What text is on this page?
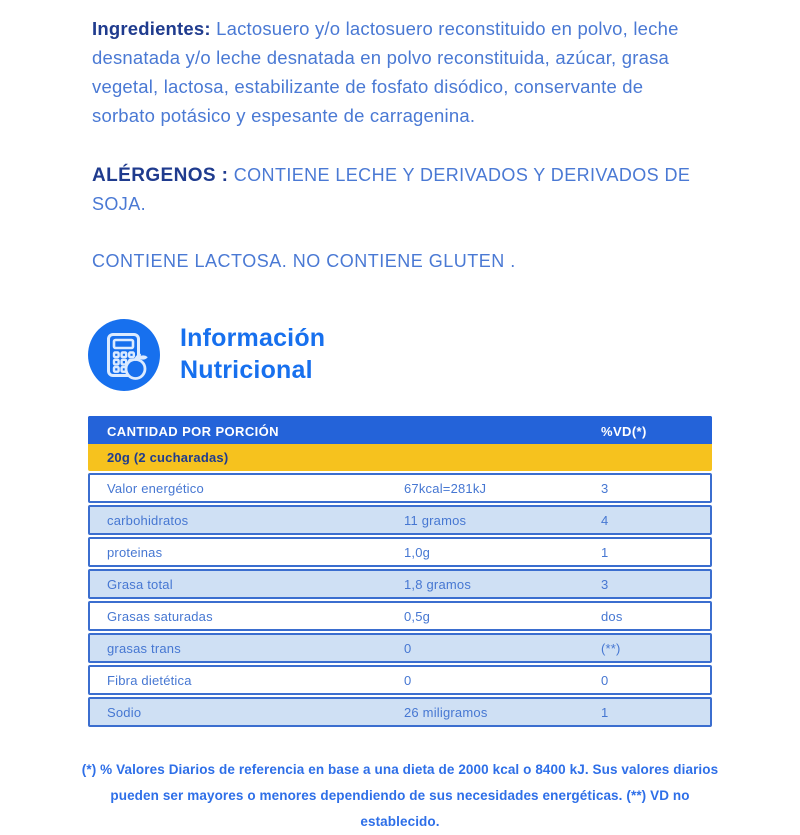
Ingredientes: Lactosuero y/o lactosuero reconstituido en polvo, leche desnatada y/o leche desnatada en polvo reconstituida, azúcar, grasa vegetal, lactosa, estabilizante de fosfato disódico, conservante de sorbato potásico y espesante de carragenina.

ALÉRGENOS : CONTIENE LECHE Y DERIVADOS Y DERIVADOS DE SOJA.

CONTIENE LACTOSA. NO CONTIENE GLUTEN .

Información
Nutricional
CANTIDAD POR PORCIÓN	%VD(*)
20g (2 cucharadas)
Valor energético	67kcal=281kJ	3
carbohidratos	11 gramos	4
proteinas	1,0g	1
Grasa total	1,8 gramos	3
Grasas saturadas	0,5g	dos
grasas trans	0	(**)
Fibra dietética	0	0
Sodio	26 miligramos	1

(*) % Valores Diarios de referencia en base a una dieta de 2000 kcal o 8400 kJ. Sus valores diarios pueden ser mayores o menores dependiendo de sus necesidades energéticas. (**) VD no establecido.
